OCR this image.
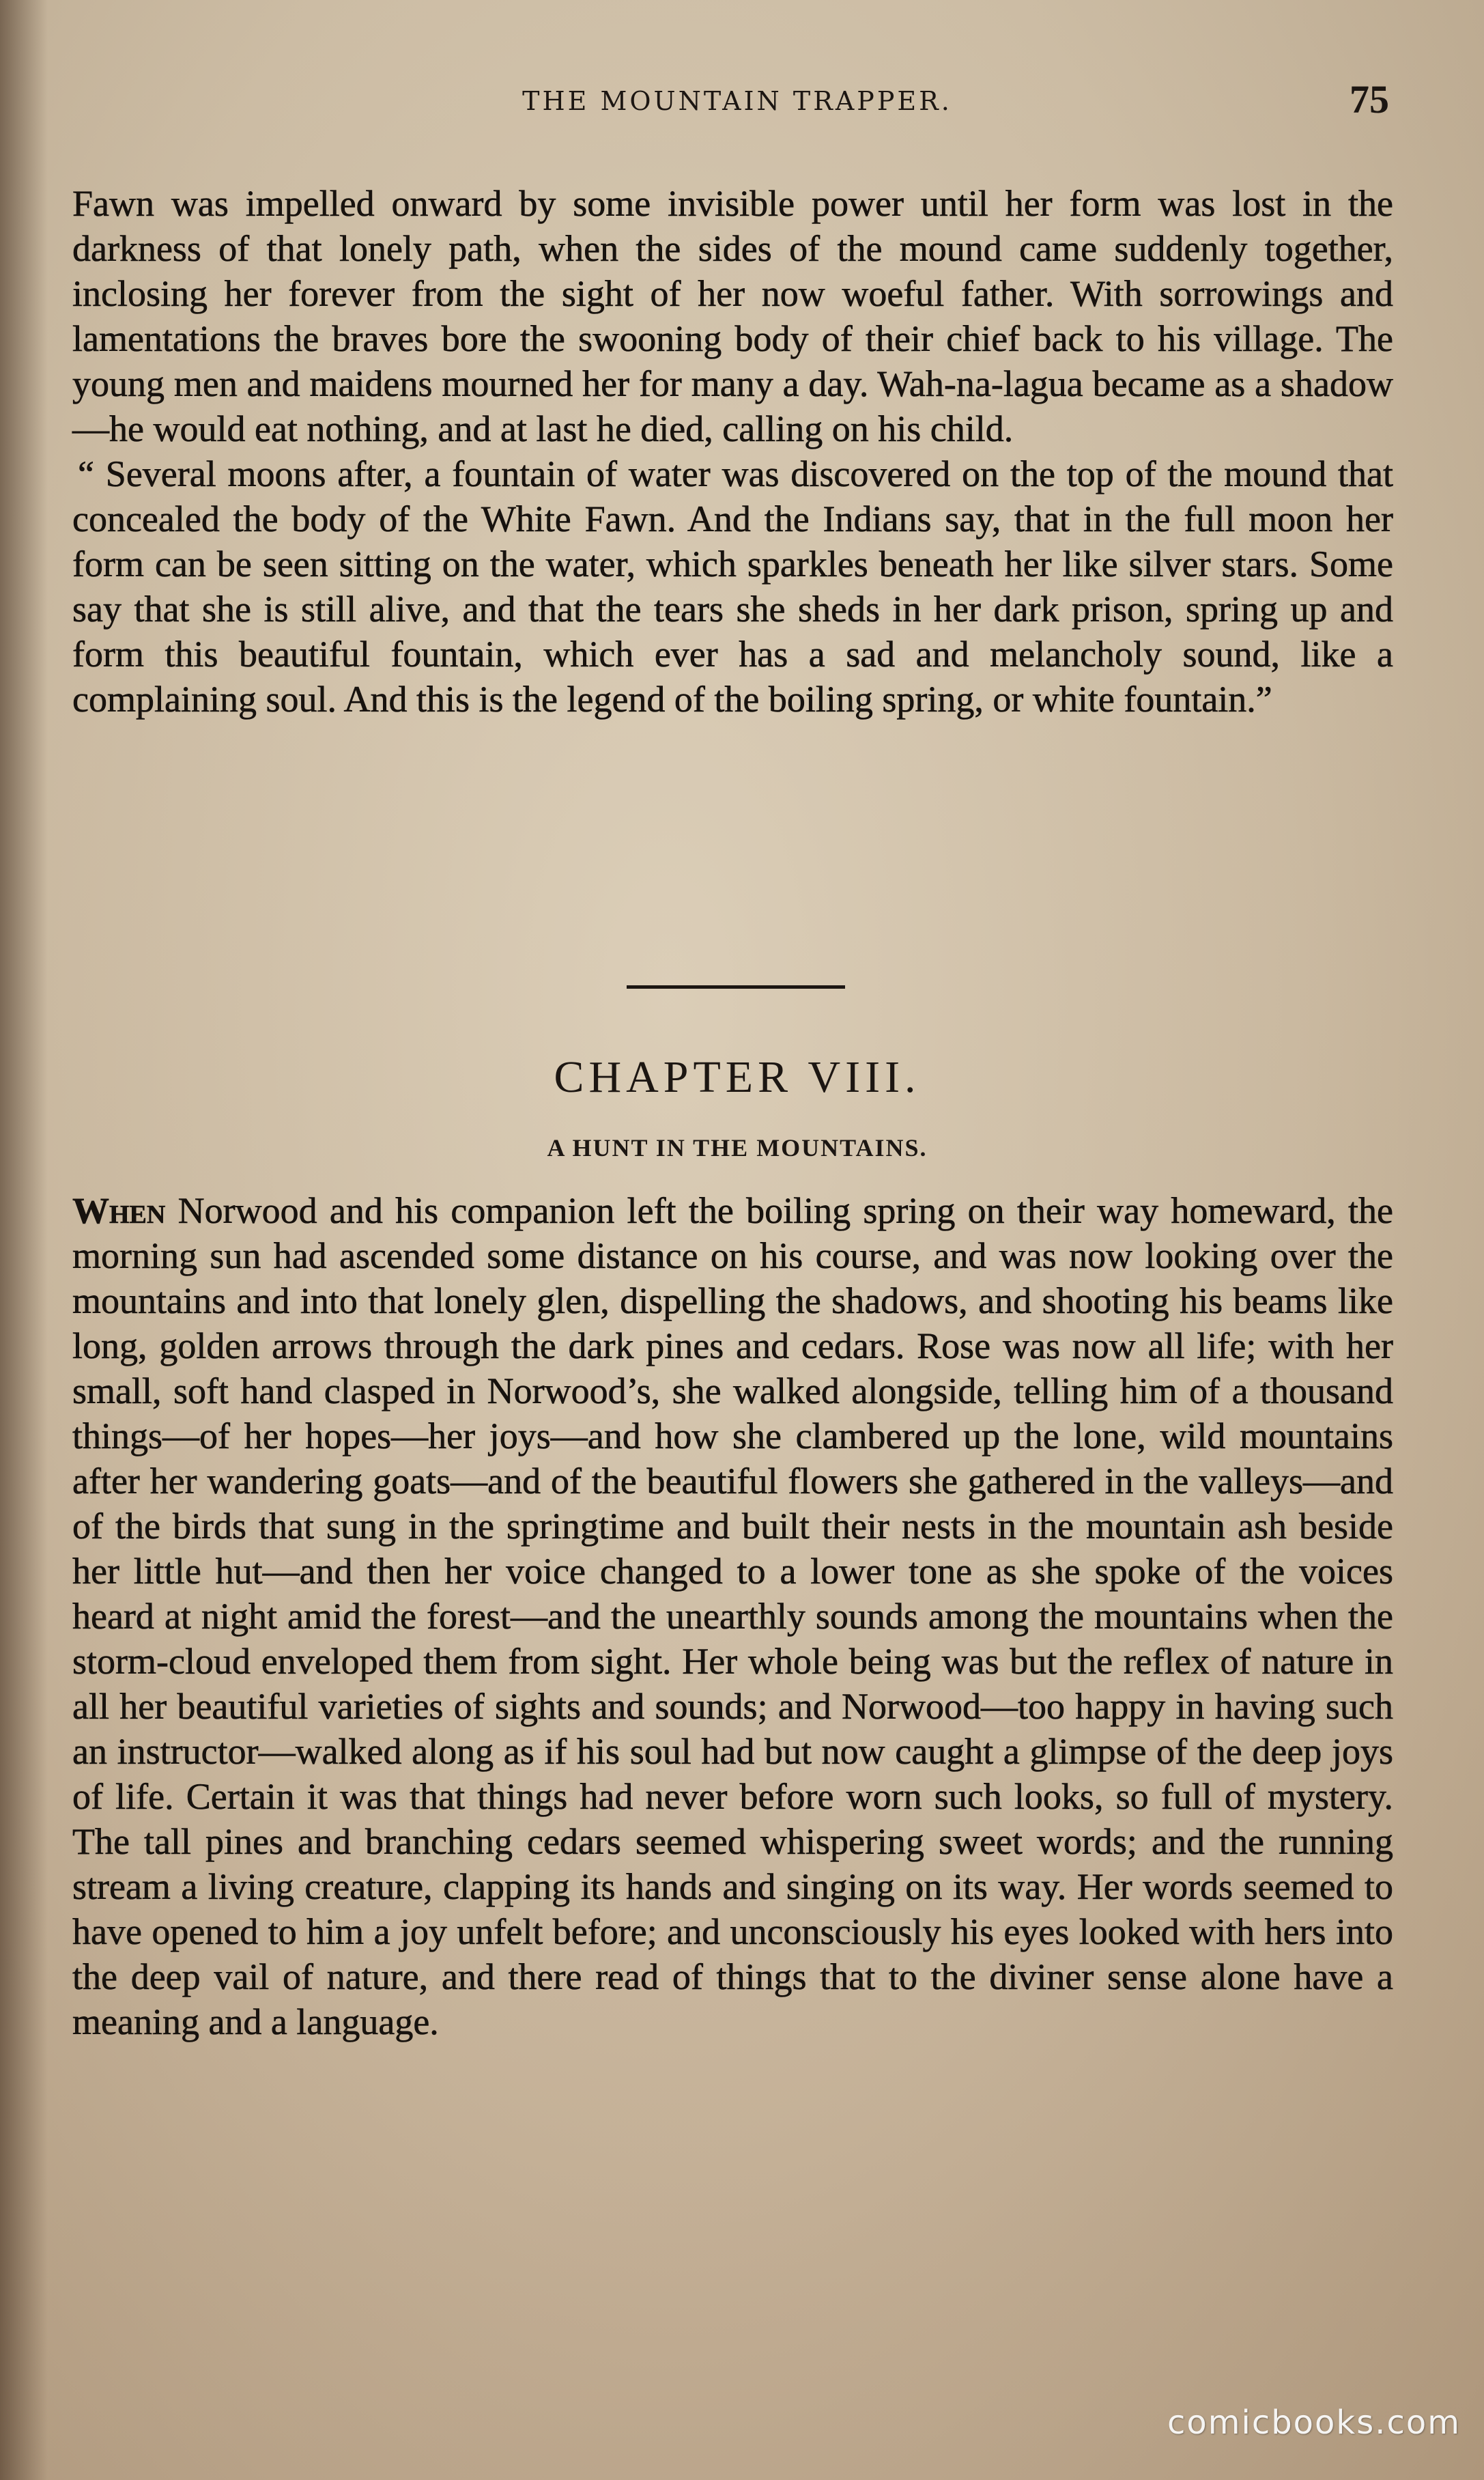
THE MOUNTAIN TRAPPER.	75

Fawn was impelled onward by some invisible power until her form was lost in the darkness of that lonely path, when the sides of the mound came suddenly together, inclosing her forever from the sight of her now woeful father. With sorrowings and lamentations the braves bore the swooning body of their chief back to his village. The young men and maidens mourned her for many a day. Wah-na-lagua became as a shadow—he would eat nothing, and at last he died, calling on his child.

“ Several moons after, a fountain of water was discovered on the top of the mound that concealed the body of the White Fawn. And the Indians say, that in the full moon her form can be seen sitting on the water, which sparkles beneath her like silver stars. Some say that she is still alive, and that the tears she sheds in her dark prison, spring up and form this beautiful fountain, which ever has a sad and melancholy sound, like a complaining soul. And this is the legend of the boiling spring, or white fountain.”

CHAPTER VIII.
A HUNT IN THE MOUNTAINS.

When Norwood and his companion left the boiling spring on their way homeward, the morning sun had ascended some distance on his course, and was now looking over the mountains and into that lonely glen, dispelling the shadows, and shooting his beams like long, golden arrows through the dark pines and cedars. Rose was now all life; with her small, soft hand clasped in Norwood’s, she walked alongside, telling him of a thousand things—of her hopes—her joys—and how she clambered up the lone, wild mountains after her wandering goats—and of the beautiful flowers she gathered in the valleys—and of the birds that sung in the springtime and built their nests in the mountain ash beside her little hut—and then her voice changed to a lower tone as she spoke of the voices heard at night amid the forest—and the unearthly sounds among the mountains when the storm-cloud enveloped them from sight. Her whole being was but the reflex of nature in all her beautiful varieties of sights and sounds; and Norwood—too happy in having such an instructor—walked along as if his soul had but now caught a glimpse of the deep joys of life. Certain it was that things had never before worn such looks, so full of mystery. The tall pines and branching cedars seemed whispering sweet words; and the running stream a living creature, clapping its hands and singing on its way. Her words seemed to have opened to him a joy unfelt before; and unconsciously his eyes looked with hers into the deep vail of nature, and there read of things that to the diviner sense alone have a meaning and a language.

comicbooks.com
